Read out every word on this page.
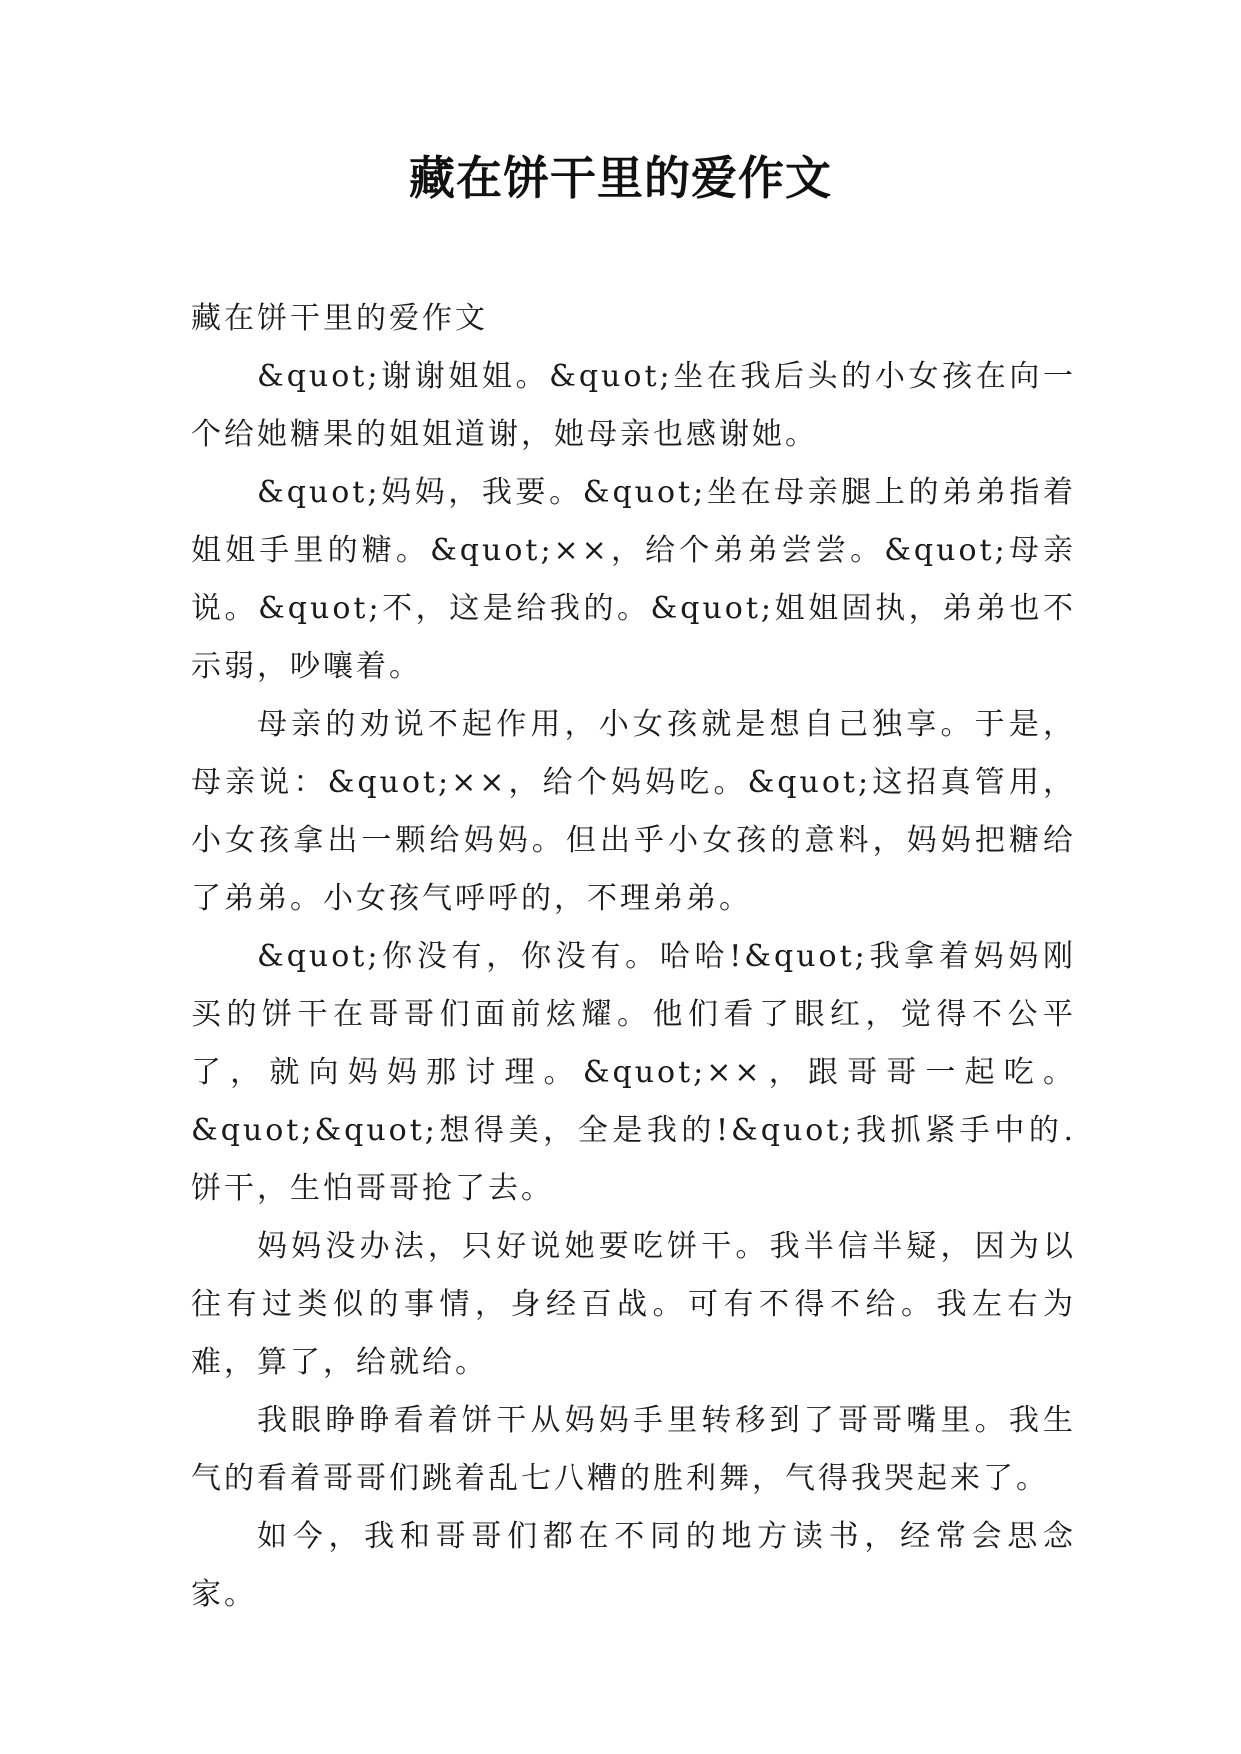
藏在饼干里的爱作文

藏在饼干里的爱作文

&quot;谢谢姐姐。&quot;坐在我后头的小女孩在向一个给她糖果的姐姐道谢，她母亲也感谢她。

&quot;妈妈，我要。&quot;坐在母亲腿上的弟弟指着姐姐手里的糖。&quot;××，给个弟弟尝尝。&quot;母亲说。&quot;不，这是给我的。&quot;姐姐固执，弟弟也不示弱，吵嚷着。

母亲的劝说不起作用，小女孩就是想自己独享。于是，母亲说：&quot;××，给个妈妈吃。&quot;这招真管用，小女孩拿出一颗给妈妈。但出乎小女孩的意料，妈妈把糖给了弟弟。小女孩气呼呼的，不理弟弟。

&quot;你没有，你没有。哈哈!&quot;我拿着妈妈刚买的饼干在哥哥们面前炫耀。他们看了眼红，觉得不公平了，就向妈妈那讨理。&quot;××，跟哥哥一起吃。&quot;&quot;想得美，全是我的!&quot;我抓紧手中的.饼干，生怕哥哥抢了去。

妈妈没办法，只好说她要吃饼干。我半信半疑，因为以往有过类似的事情，身经百战。可有不得不给。我左右为难，算了，给就给。

我眼睁睁看着饼干从妈妈手里转移到了哥哥嘴里。我生气的看着哥哥们跳着乱七八糟的胜利舞，气得我哭起来了。

如今，我和哥哥们都在不同的地方读书，经常会思念家。
